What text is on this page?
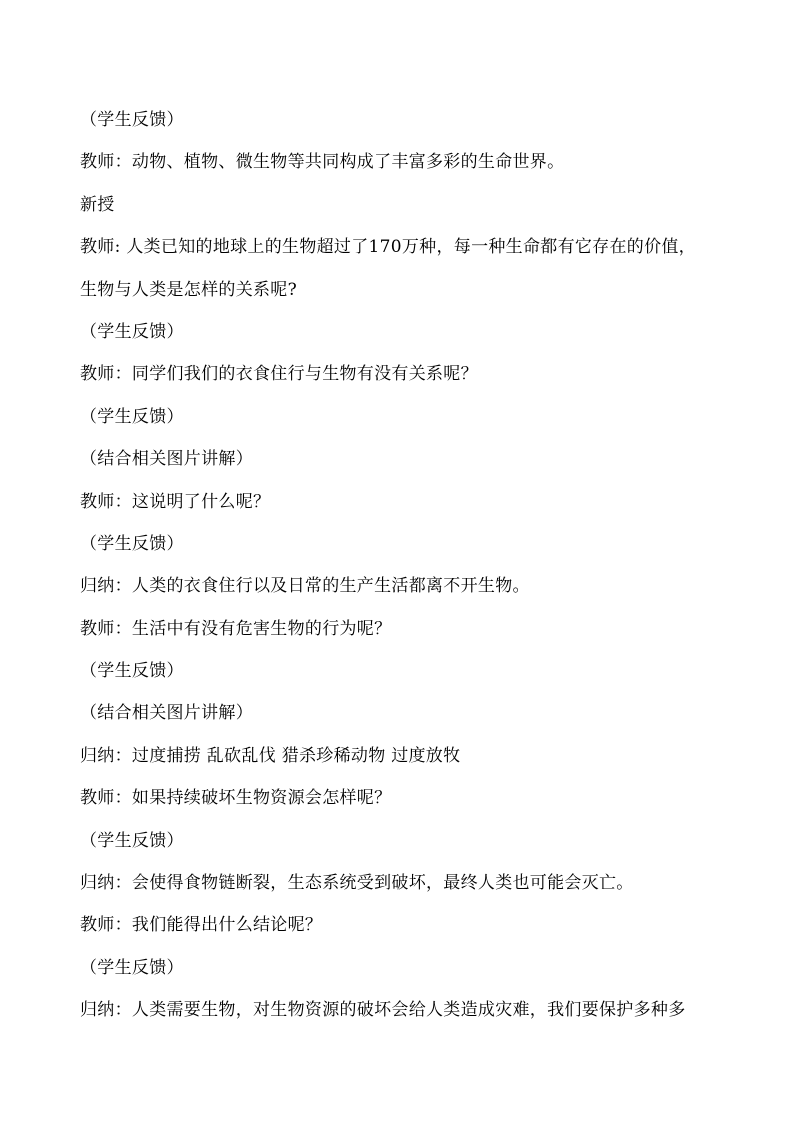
（学生反馈）
教师：动物、植物、微生物等共同构成了丰富多彩的生命世界。
新授
教师: 人类已知的地球上的生物超过了170万种，每一种生命都有它存在的价值，
生物与人类是怎样的关系呢?
（学生反馈）
教师：同学们我们的衣食住行与生物有没有关系呢？
（学生反馈）
（结合相关图片讲解）
教师：这说明了什么呢？
（学生反馈）
归纳：人类的衣食住行以及日常的生产生活都离不开生物。
教师：生活中有没有危害生物的行为呢？
（学生反馈）
（结合相关图片讲解）
归纳：过度捕捞 乱砍乱伐 猎杀珍稀动物 过度放牧
教师：如果持续破坏生物资源会怎样呢？
（学生反馈）
归纳：会使得食物链断裂，生态系统受到破坏，最终人类也可能会灭亡。
教师：我们能得出什么结论呢？
（学生反馈）
归纳：人类需要生物，对生物资源的破坏会给人类造成灾难，我们要保护多种多
